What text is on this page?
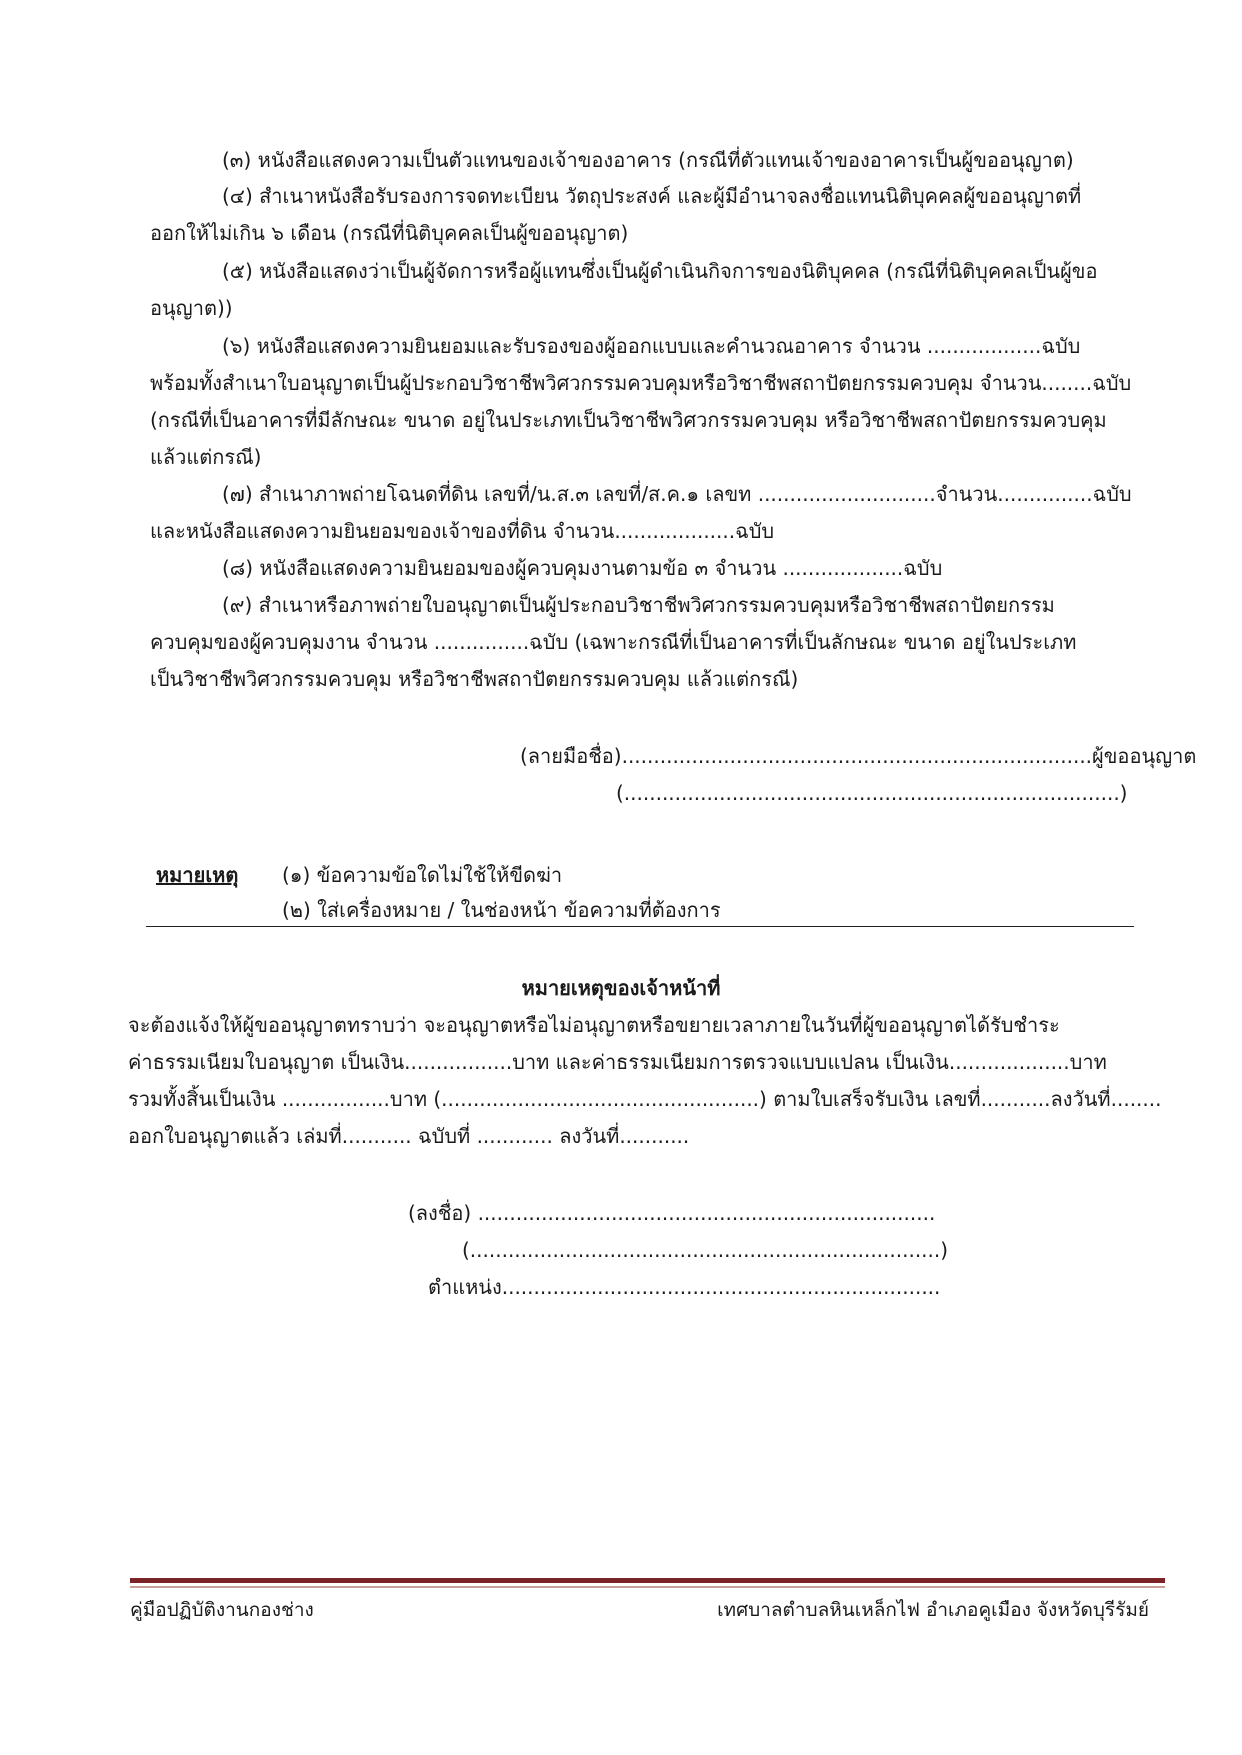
(๓) หนังสือแสดงความเป็นตัวแทนของเจ้าของอาคาร (กรณีที่ตัวแทนเจ้าของอาคารเป็นผู้ขออนุญาต)
(๔) สำเนาหนังสือรับรองการจดทะเบียน วัตถุประสงค์ และผู้มีอำนาจลงชื่อแทนนิติบุคคลผู้ขออนุญาตที่
ออกให้ไม่เกิน ๖ เดือน (กรณีที่นิติบุคคลเป็นผู้ขออนุญาต)
(๕) หนังสือแสดงว่าเป็นผู้จัดการหรือผู้แทนซึ่งเป็นผู้ดำเนินกิจการของนิติบุคคล (กรณีที่นิติบุคคลเป็นผู้ขอ
อนุญาต))
(๖) หนังสือแสดงความยินยอมและรับรองของผู้ออกแบบและคำนวณอาคาร จำนวน ..................ฉบับ
พร้อมทั้งสำเนาใบอนุญาตเป็นผู้ประกอบวิชาชีพวิศวกรรมควบคุมหรือวิชาชีพสถาปัตยกรรมควบคุม จำนวน........ฉบับ
(กรณีที่เป็นอาคารที่มีลักษณะ ขนาด อยู่ในประเภทเป็นวิชาชีพวิศวกรรมควบคุม หรือวิชาชีพสถาปัตยกรรมควบคุม
แล้วแต่กรณี)
(๗) สำเนาภาพถ่ายโฉนดที่ดิน เลขที่/น.ส.๓ เลขที่/ส.ค.๑ เลขท ............................จำนวน...............ฉบับ
และหนังสือแสดงความยินยอมของเจ้าของที่ดิน จำนวน...................ฉบับ
(๘) หนังสือแสดงความยินยอมของผู้ควบคุมงานตามข้อ ๓ จำนวน ...................ฉบับ
(๙) สำเนาหรือภาพถ่ายใบอนุญาตเป็นผู้ประกอบวิชาชีพวิศวกรรมควบคุมหรือวิชาชีพสถาปัตยกรรม
ควบคุมของผู้ควบคุมงาน จำนวน ...............ฉบับ (เฉพาะกรณีที่เป็นอาคารที่เป็นลักษณะ ขนาด อยู่ในประเภท
เป็นวิชาชีพวิศวกรรมควบคุม หรือวิชาชีพสถาปัตยกรรมควบคุม แล้วแต่กรณี)
(ลายมือชื่อ)..........................................................................ผู้ขออนุญาต
(..............................................................................)
หมายเหตุ (๑) ข้อความข้อใดไม่ใช้ให้ขีดฆ่า
(๒) ใส่เครื่องหมาย / ในช่องหน้า ข้อความที่ต้องการ
หมายเหตุของเจ้าหน้าที่
จะต้องแจ้งให้ผู้ขออนุญาตทราบว่า จะอนุญาตหรือไม่อนุญาตหรือขยายเวลาภายในวันที่ผู้ขออนุญาตได้รับชำระ
ค่าธรรมเนียมใบอนุญาต เป็นเงิน.................บาท และค่าธรรมเนียมการตรวจแบบแปลน เป็นเงิน...................บาท
รวมทั้งสิ้นเป็นเงิน .................บาท (..................................................) ตามใบเสร็จรับเงิน เลขที่...........ลงวันที่........
ออกใบอนุญาตแล้ว เล่มที่........... ฉบับที่ ............ ลงวันที่...........
(ลงชื่อ) ........................................................................
(..........................................................................)
ตำแหน่ง.....................................................................
คู่มือปฏิบัติงานกองช่าง	เทศบาลตำบลหินเหล็กไฟ อำเภอคูเมือง จังหวัดบุรีรัมย์
